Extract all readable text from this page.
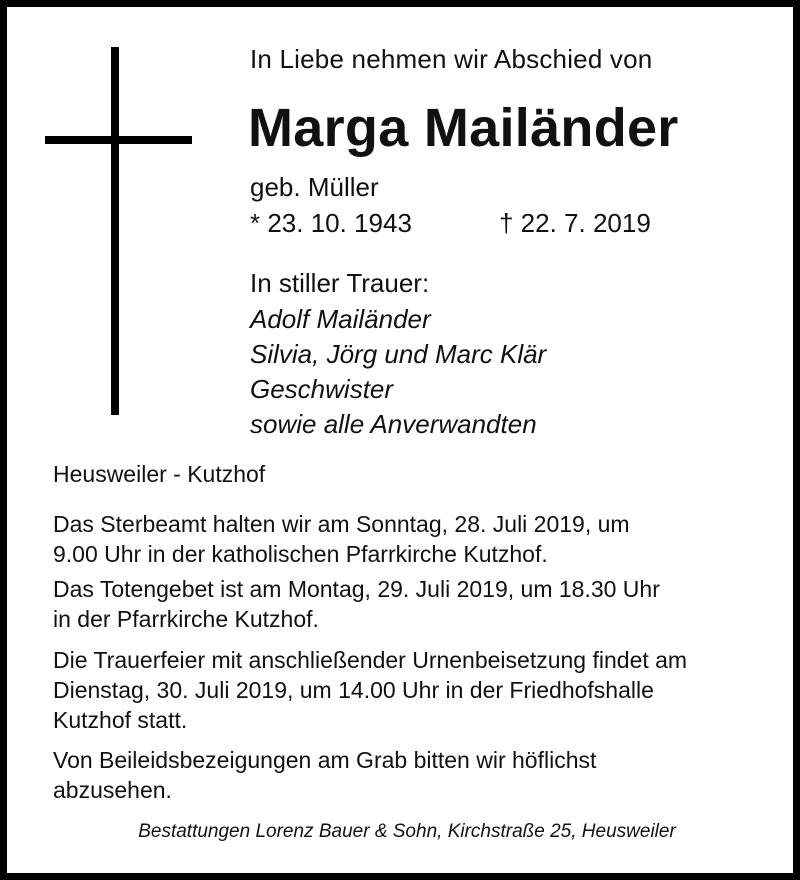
In Liebe nehmen wir Abschied von

Marga Mailänder

geb. Müller

* 23. 10. 1943	† 22. 7. 2019

In stiller Trauer:

Adolf Mailänder
Silvia, Jörg und Marc Klär
Geschwister
sowie alle Anverwandten

Heusweiler - Kutzhof

Das Sterbeamt halten wir am Sonntag, 28. Juli 2019, um
9.00 Uhr in der katholischen Pfarrkirche Kutzhof.

Das Totengebet ist am Montag, 29. Juli 2019, um 18.30 Uhr
in der Pfarrkirche Kutzhof.

Die Trauerfeier mit anschließender Urnenbeisetzung findet am
Dienstag, 30. Juli 2019, um 14.00 Uhr in der Friedhofshalle
Kutzhof statt.

Von Beileidsbezeigungen am Grab bitten wir höflichst
abzusehen.

Bestattungen Lorenz Bauer & Sohn, Kirchstraße 25, Heusweiler
